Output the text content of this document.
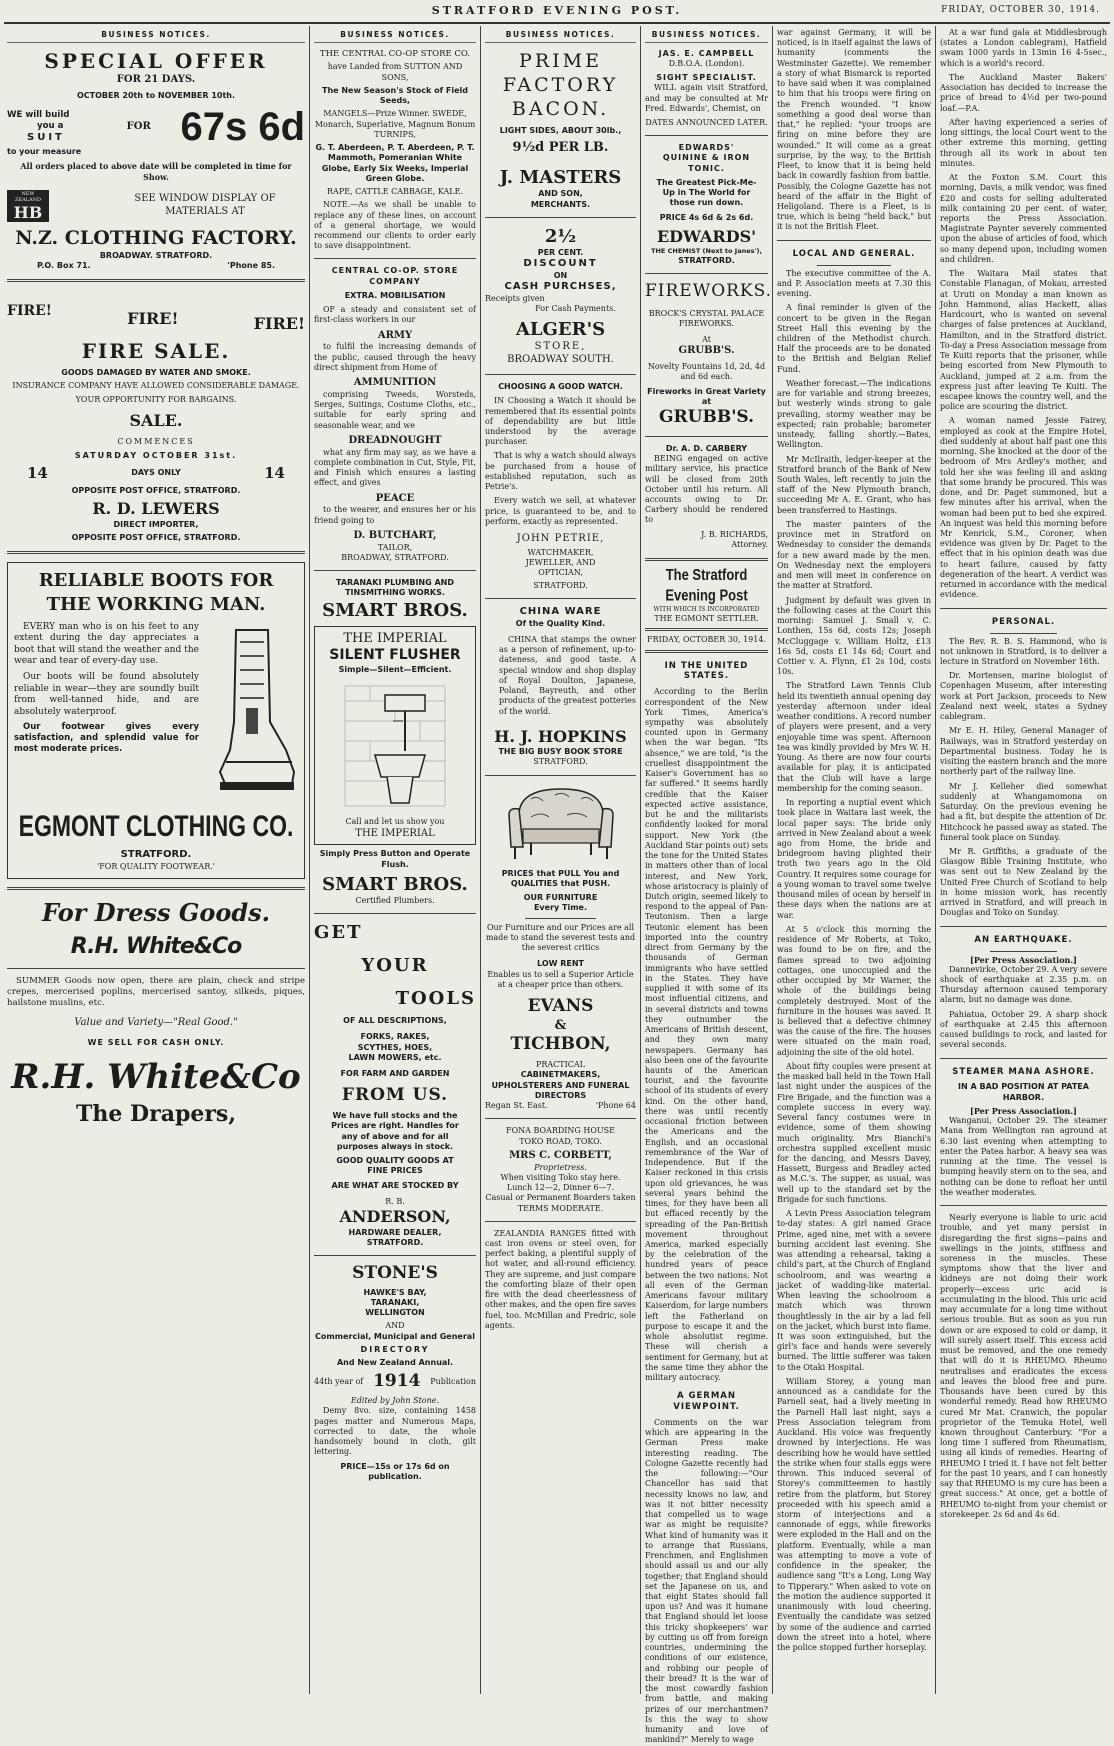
STRATFORD EVENING POST.	FRIDAY, OCTOBER 30, 1914.
BUSINESS NOTICES.
SPECIAL OFFER
FOR 21 DAYS.
OCTOBER 20th to NOVEMBER 10th.
WE will build
you a
SUIT
FOR 67s 6d
to your measure
All orders placed to above date will be completed in time for Show.
NEW ZEALAND
HB
SEE WINDOW DISPLAY OF MATERIALS AT
N.Z. CLOTHING FACTORY.
BROADWAY. STRATFORD.
P.O. Box 71.	'Phone 85.
FIRE!	FIRE!	FIRE!
FIRE SALE.
GOODS DAMAGED BY WATER AND SMOKE.
INSURANCE COMPANY HAVE ALLOWED CONSIDERABLE DAMAGE.
YOUR OPPORTUNITY FOR BARGAINS.
SALE.
COMMENCES
SATURDAY OCTOBER 31st.
14	DAYS ONLY	14
OPPOSITE POST OFFICE, STRATFORD.
R. D. LEWERS
DIRECT IMPORTER,
OPPOSITE POST OFFICE, STRATFORD.
RELIABLE BOOTS FOR THE WORKING MAN.

EVERY man who is on his feet to any extent during the day appreciates a boot that will stand the weather and the wear and tear of every-day use.

Our boots will be found absolutely reliable in wear—they are soundly built from well-tanned hide, and are absolutely waterproof.

Our footwear gives every satisfaction, and splendid value for most moderate prices.

EGMONT CLOTHING CO.
STRATFORD.
'FOR QUALITY FOOTWEAR.'
For Dress Goods.
R.H. White&Co

SUMMER Goods now open, there are plain, check and stripe crepes, mercerised poplins, mercerised santoy, silkeds, piques, hailstone muslins, etc.

Value and Variety—"Real Good."
WE SELL FOR CASH ONLY.
R.H. White&Co
The Drapers,
BUSINESS NOTICES.
THE CENTRAL CO-OP STORE CO.
have Landed from SUTTON AND SONS,
The New Season's Stock of Field Seeds,
MANGELS—Prize Winner. SWEDE, Monarch, Superlative, Magnum Bonum TURNIPS,
G. T. Aberdeen, P. T. Aberdeen, P. T. Mammoth, Pomeranian White Globe, Early Six Weeks, Imperial Green Globe.
RAPE, CATTLE CABBAGE, KALE.

NOTE.—As we shall be unable to replace any of these lines, on account of a general shortage, we would recommend our clients to order early to save disappointment.

CENTRAL CO-OP. STORE COMPANY
EXTRA. MOBILISATION

OF a steady and consistent set of first-class workers in our

ARMY

to fulfil the increasing demands of the public, caused through the heavy direct shipment from Home of

AMMUNITION

comprising Tweeds, Worsteds, Serges, Suitings, Costume Cloths, etc., suitable for early spring and seasonable wear, and we

DREADNOUGHT

what any firm may say, as we have a complete combination in Cut, Style, Fit, and Finish which ensures a lasting effect, and gives

PEACE

to the wearer, and ensures her or his friend going to

D. BUTCHART,
TAILOR,
BROADWAY, STRATFORD.
TARANAKI PLUMBING AND TINSMITHING WORKS.
SMART BROS.
THE IMPERIAL
SILENT FLUSHER
Simple—Silent—Efficient.
Call and let us show you
THE IMPERIAL
Simply Press Button and Operate Flush.
SMART BROS.
Certified Plumbers.
GET
YOUR
TOOLS
OF ALL DESCRIPTIONS,
FORKS, RAKES, SCYTHES, HOES, LAWN MOWERS, etc.
FOR FARM AND GARDEN
FROM US.
We have full stocks and the Prices are right. Handles for any of above and for all purposes always in stock.
GOOD QUALITY GOODS AT FINE PRICES
ARE WHAT ARE STOCKED BY
R. B.
ANDERSON,
HARDWARE DEALER,
STRATFORD.
STONE'S
HAWKE'S BAY, TARANAKI, WELLINGTON
AND
Commercial, Municipal and General
DIRECTORY
And New Zealand Annual.
44th year of 1914 Publication
Edited by John Stone.

Demy 8vo. size, containing 1458 pages matter and Numerous Maps, corrected to date, the whole handsomely bound in cloth, gilt lettering.

PRICE—15s or 17s 6d on publication.
BUSINESS NOTICES.
PRIME
FACTORY
BACON.
LIGHT SIDES, ABOUT 30lb.,
9½d PER LB.
J. MASTERS
AND SON,
MERCHANTS.
2½
PER CENT.
DISCOUNT
ON
CASH PURCHSES,
Receipts given
For Cash Payments.
ALGER'S
STORE,
BROADWAY SOUTH.
CHOOSING A GOOD WATCH.

IN Choosing a Watch it should be remembered that its essential points of dependability are but little understood by the average purchaser.

That is why a watch should always be purchased from a house of established reputation, such as Petrie's.

Every watch we sell, at whatever price, is guaranteed to be, and to perform, exactly as represented.

JOHN PETRIE,
WATCHMAKER, JEWELLER, AND OPTICIAN,
STRATFORD.
CHINA WARE
Of the Quality Kind.

CHINA that stamps the owner as a person of refinement, up-to-dateness, and good taste. A special window and shop display of Royal Doulton, Japanese, Poland, Bayreuth, and other products of the greatest potteries of the world.

H. J. HOPKINS
THE BIG BUSY BOOK STORE
STRATFORD.
PRICES that PULL You and QUALITIES that PUSH.
OUR FURNITURE
Every Time.
Our Furniture and our Prices are all made to stand the severest tests and the severest critics
LOW RENT
Enables us to sell a Superior Article at a cheaper price than others.
EVANS
&
TICHBON,
PRACTICAL
CABINETMAKERS, UPHOLSTERERS AND FUNERAL DIRECTORS
Regan St. East.	'Phone 64
FONA BOARDING HOUSE
TOKO ROAD, TOKO.
MRS C. CORBETT,
Proprietress.
When visiting Toko stay here.
Lunch 12—2, Dinner 6—7.
Casual or Permanent Boarders taken
TERMS MODERATE.

ZEALANDIA RANGES fitted with cast iron ovens or steel oven, for perfect baking, a plentiful supply of hot water, and all-round efficiency. They are supreme, and just compare the comforting blaze of their open fire with the dead cheerlessness of other makes, and the open fire saves fuel, too. McMillan and Fredric, sole agents.

BUSINESS NOTICES.
JAS. E. CAMPBELL
D.B.O.A. (London).
SIGHT SPECIALIST.

WILL again visit Stratford, and may be consulted at Mr Fred. Edwards', Chemist, on

DATES ANNOUNCED LATER.
EDWARDS'
QUININE & IRON TONIC.
The Greatest Pick-Me-Up in The World for those run down.
PRICE 4s 6d & 2s 6d.
EDWARDS'
THE CHEMIST (Next to Janes'),
STRATFORD.
FIREWORKS.
BROCK'S CRYSTAL PALACE FIREWORKS.
At
GRUBB'S.
Novelty Fountains 1d, 2d, 4d and 6d each.
Fireworks in Great Variety at
GRUBB'S.
Dr. A. D. CARBERY

BEING engaged on active military service, his practice will be closed from 20th October until his return. All accounts owing to Dr. Carbery should be rendered to

J. B. RICHARDS,
Attorney.
The Stratford Evening Post
WITH WHICH IS INCORPORATED
THE EGMONT SETTLER.
FRIDAY, OCTOBER 30, 1914.
IN THE UNITED STATES.

According to the Berlin correspondent of the New York Times, America's sympathy was absolutely counted upon in Germany when the war began. "Its absence," we are told, "is the cruellest disappointment the Kaiser's Government has so far suffered." It seems hardly credible that the Kaiser expected active assistance, but he and the militarists confidently looked for moral support. New York (the Auckland Star points out) sets the tone for the United States in matters other than of local interest, and New York, whose aristocracy is plainly of Dutch origin, seemed likely to respond to the appeal of Pan-Teutonism. Then a large Teutonic element has been imported into the country direct from Germany by the thousands of German immigrants who have settled in the States. They have supplied it with some of its most influential citizens, and in several districts and towns they outnumber the Americans of British descent, and they own many newspapers. Germany has also been one of the favourite haunts of the American tourist, and the favourite school of its students of every kind. On the other hand, there was until recently occasional friction between the Americans and the English, and an occasional remembrance of the War of Independence. But if the Kaiser reckoned in this crisis upon old grievances, he was several years behind the times, for they have been all but effaced recently by the spreading of the Pan-British movement throughout America, marked especially by the celebration of the hundred years of peace between the two nations. Not all even of the German Americans favour military Kaiserdom, for large numbers left the Fatherland on purpose to escape it and the whole absolutist regime. These will cherish a sentiment for Germany, but at the same time they abhor the military autocracy.

A GERMAN VIEWPOINT.

Comments on the war which are appearing in the German Press make interesting reading. The Cologne Gazette recently had the following:—"Our Chancellor has said that necessity knows no law, and was it not bitter necessity that compelled us to wage war as might be requisite? What kind of humanity was it to arrange that Russians, Frenchmen, and Englishmen should assail us and our ally together; that England should set the Japanese on us, and that eight States should fall upon us? And was it humane that England should let loose this tricky shopkeepers' war by cutting us off from foreign countries, undermining the conditions of our existence, and robbing our people of their bread? It is the war of the most cowardly fashion from battle, and making prizes of our merchantmen? Is this the way to show humanity and love of mankind?" Merely to wage

war against Germany, it will be noticed, is in itself against the laws of humanity (comments the Westminster Gazette). We remember a story of what Bismarck is reported to have said when it was complained to him that his troops were firing on the French wounded. "I know something a good deal worse than that," he replied: "your troops are firing on mine before they are wounded." It will come as a great surprise, by the way, to the British Fleet, to know that it is being held back in cowardly fashion from battle. Possibly, the Cologne Gazette has not heard of the affair in the Bight of Heligoland. There is a Fleet, is is true, which is being "held back," but it is not the British Fleet.

LOCAL AND GENERAL.

The executive committee of the A. and P. Association meets at 7.30 this evening.

A final reminder is given of the concert to be given in the Regan Street Hall this evening by the children of the Methodist church. Half the proceeds are to be donated to the British and Belgian Relief Fund.

Weather forecast.—The indications are for variable and strong breezes, but westerly winds strong to gale prevailing, stormy weather may be expected; rain probable; barometer unsteady, falling shortly.—Bates, Wellington.

Mr McIlraith, ledger-keeper at the Stratford branch of the Bank of New South Wales, left recently to join the staff of the New Plymouth branch, succeeding Mr A. E. Grant, who has been transferred to Hastings.

The master painters of the province met in Stratford on Wednesday to consider the demands for a new award made by the men. On Wednesday next the employers and men will meet in conference on the matter at Stratford.

Judgment by default was given in the following cases at the Court this morning: Samuel J. Small v. C. Lonthen, 15s 6d, costs 12s; Joseph McCluggage v. William Holtz, £13 16s 5d, costs £1 14s 6d; Court and Cottier v. A. Flynn, £1 2s 10d, costs 10s.

The Stratford Lawn Tennis Club held its twentieth annual opening day yesterday afternoon under ideal weather conditions. A record number of players were present, and a very enjoyable time was spent. Afternoon tea was kindly provided by Mrs W. H. Young. As there are now four courts available for play, it is anticipated that the Club will have a large membership for the coming season.

In reporting a nuptial event which took place in Waitara last week, the local paper says: The bride only arrived in New Zealand about a week ago from Home, the bride and bridegroom having plighted their troth two years ago in the Old Country. It requires some courage for a young woman to travel some twelve thousand miles of ocean by herself in these days when the nations are at war.

At 5 o'clock this morning the residence of Mr Roberts, at Toko, was found to be on fire, and the flames spread to two adjoining cottages, one unoccupied and the other occupied by Mr Warner, the whole of the buildings being completely destroyed. Most of the furniture in the houses was saved. It is believed that a defective chimney was the cause of the fire. The houses were situated on the main road, adjoining the site of the old hotel.

About fifty couples were present at the masked ball held in the Town Hall last night under the auspices of the Fire Brigade, and the function was a complete success in every way. Several fancy costumes were in evidence, some of them showing much originality. Mrs Bianchi's orchestra supplied excellent music for the dancing, and Messrs Davey, Hassett, Burgess and Bradley acted as M.C.'s. The supper, as usual, was well up to the standard set by the Brigade for such functions.

A Levin Press Association telegram to-day states: A girl named Grace Prime, aged nine, met with a severe burning accident last evening. She was attending a rehearsal, taking a child's part, at the Church of England schoolroom, and was wearing a jacket of wadding-like material. When leaving the schoolroom a match which was thrown thoughtlessly in the air by a lad fell on the jacket, which burst into flame. It was soon extinguished, but the girl's face and hands were severely burned. The little sufferer was taken to the Otaki Hospital.

William Storey, a young man announced as a candidate for the Parnell seat, had a lively meeting in the Parnell Hall last night, says a Press Association telegram from Auckland. His voice was frequently drowned by interjections. He was describing how he would have settled the strike when four stalls eggs were thrown. This induced several of Storey's committeemen to hastily retire from the platform, but Storey proceeded with his speech amid a storm of interjections and a cannonade of eggs, while fireworks were exploded in the Hall and on the platform. Eventually, while a man was attempting to move a vote of confidence in the speaker, the audience sang "It's a Long, Long Way to Tipperary." When asked to vote on the motion the audience supported it unanimously with loud cheering. Eventually the candidate was seized by some of the audience and carried down the street into a hotel, where the police stopped further horseplay.

At a war fund gala at Middlesbrough (states a London cablegram), Hatfield swam 1000 yards in 13min 16 4-5sec., which is a world's record.

The Auckland Master Bakers' Association has decided to increase the price of bread to 4½d per two-pound loaf.—P.A.

After having experienced a series of long sittings, the local Court went to the other extreme this morning, getting through all its work in about ten minutes.

At the Foxton S.M. Court this morning, Davis, a milk vendor, was fined £20 and costs for selling adulterated milk containing 20 per cent. of water, reports the Press Association. Magistrate Paynter severely commented upon the abuse of articles of food, which so many depend upon, including women and children.

The Waitara Mail states that Constable Flanagan, of Mokau, arrested at Uruti on Monday a man known as John Hammond, alias Hackett, alias Hardcourt, who is wanted on several charges of false pretences at Auckland, Hamilton, and in the Stratford district. To-day a Press Association message from Te Kuiti reports that the prisoner, while being escorted from New Plymouth to Auckland, jumped at 2 a.m. from the express just after leaving Te Kuiti. The escapee knows the country well, and the police are scouring the district.

A woman named Jessie Fairey, employed as cook at the Empire Hotel, died suddenly at about half past one this morning. She knocked at the door of the bedroom of Mrs Ardley's mother, and told her she was feeling ill and asking that some brandy be procured. This was done, and Dr. Paget summoned, but a few minutes after his arrival, when the woman had been put to bed she expired. An inquest was held this morning before Mr Kenrick, S.M., Coroner, when evidence was given by Dr. Paget to the effect that in his opinion death was due to heart failure, caused by fatty degeneration of the heart. A verdict was returned in accordance with the medical evidence.

PERSONAL.

The Rev. R. B. S. Hammond, who is not unknown in Stratford, is to deliver a lecture in Stratford on November 16th.

Dr. Mortensen, marine biologist of Copenhagen Museum, after interesting work at Port Jackson, proceeds to New Zealand next week, states a Sydney cablegram.

Mr E. H. Hiley, General Manager of Railways, was in Stratford yesterday on Departmental business. Today he is visiting the eastern branch and the more northerly part of the railway line.

Mr J. Kelleher died somewhat suddenly at Whangamomona on Saturday. On the previous evening he had a fit, but despite the attention of Dr. Hitchcock he passed away as stated. The funeral took place on Sunday.

Mr R. Griffiths, a graduate of the Glasgow Bible Training Institute, who was sent out to New Zealand by the United Free Church of Scotland to help in home mission work, has recently arrived in Stratford, and will preach in Douglas and Toko on Sunday.

AN EARTHQUAKE.
[Per Press Association.]

Dannevirke, October 29. A very severe shock of earthquake at 2.35 p.m. on Thursday afternoon caused temporary alarm, but no damage was done.

Pahiatua, October 29. A sharp shock of earthquake at 2.45 this afternoon caused buildings to rock, and lasted for several seconds.

STEAMER MANA ASHORE.
IN A BAD POSITION AT PATEA HARBOR.
[Per Press Association.]

Wanganui, October 29. The steamer Mana from Wellington ran aground at 6.30 last evening when attempting to enter the Patea harbor. A heavy sea was running at the time. The vessel is bumping heavily stern on to the sea, and nothing can be done to refloat her until the weather moderates.

Nearly everyone is liable to uric acid trouble, and yet many persist in disregarding the first signs—pains and swellings in the joints, stiffness and soreness in the muscles. These symptoms show that the liver and kidneys are not doing their work properly—excess uric acid is accumulating in the blood. This uric acid may accumulate for a long time without serious trouble. But as soon as you run down or are exposed to cold or damp, it will surely assert itself. This excess acid must be removed, and the one remedy that will do it is RHEUMO. Rheumo neutralises and eradicates the excess and leaves the blood free and pure. Thousands have been cured by this wonderful remedy. Read how RHEUMO cured Mr Mat. Cranwich, the popular proprietor of the Temuka Hotel, well known throughout Canterbury. "For a long time I suffered from Rheumatism, using all kinds of remedies. Hearing of RHEUMO I tried it. I have not felt better for the past 10 years, and I can honestly say that RHEUMO is my cure has been a great success." At once, get a bottle of RHEUMO to-night from your chemist or storekeeper. 2s 6d and 4s 6d.
